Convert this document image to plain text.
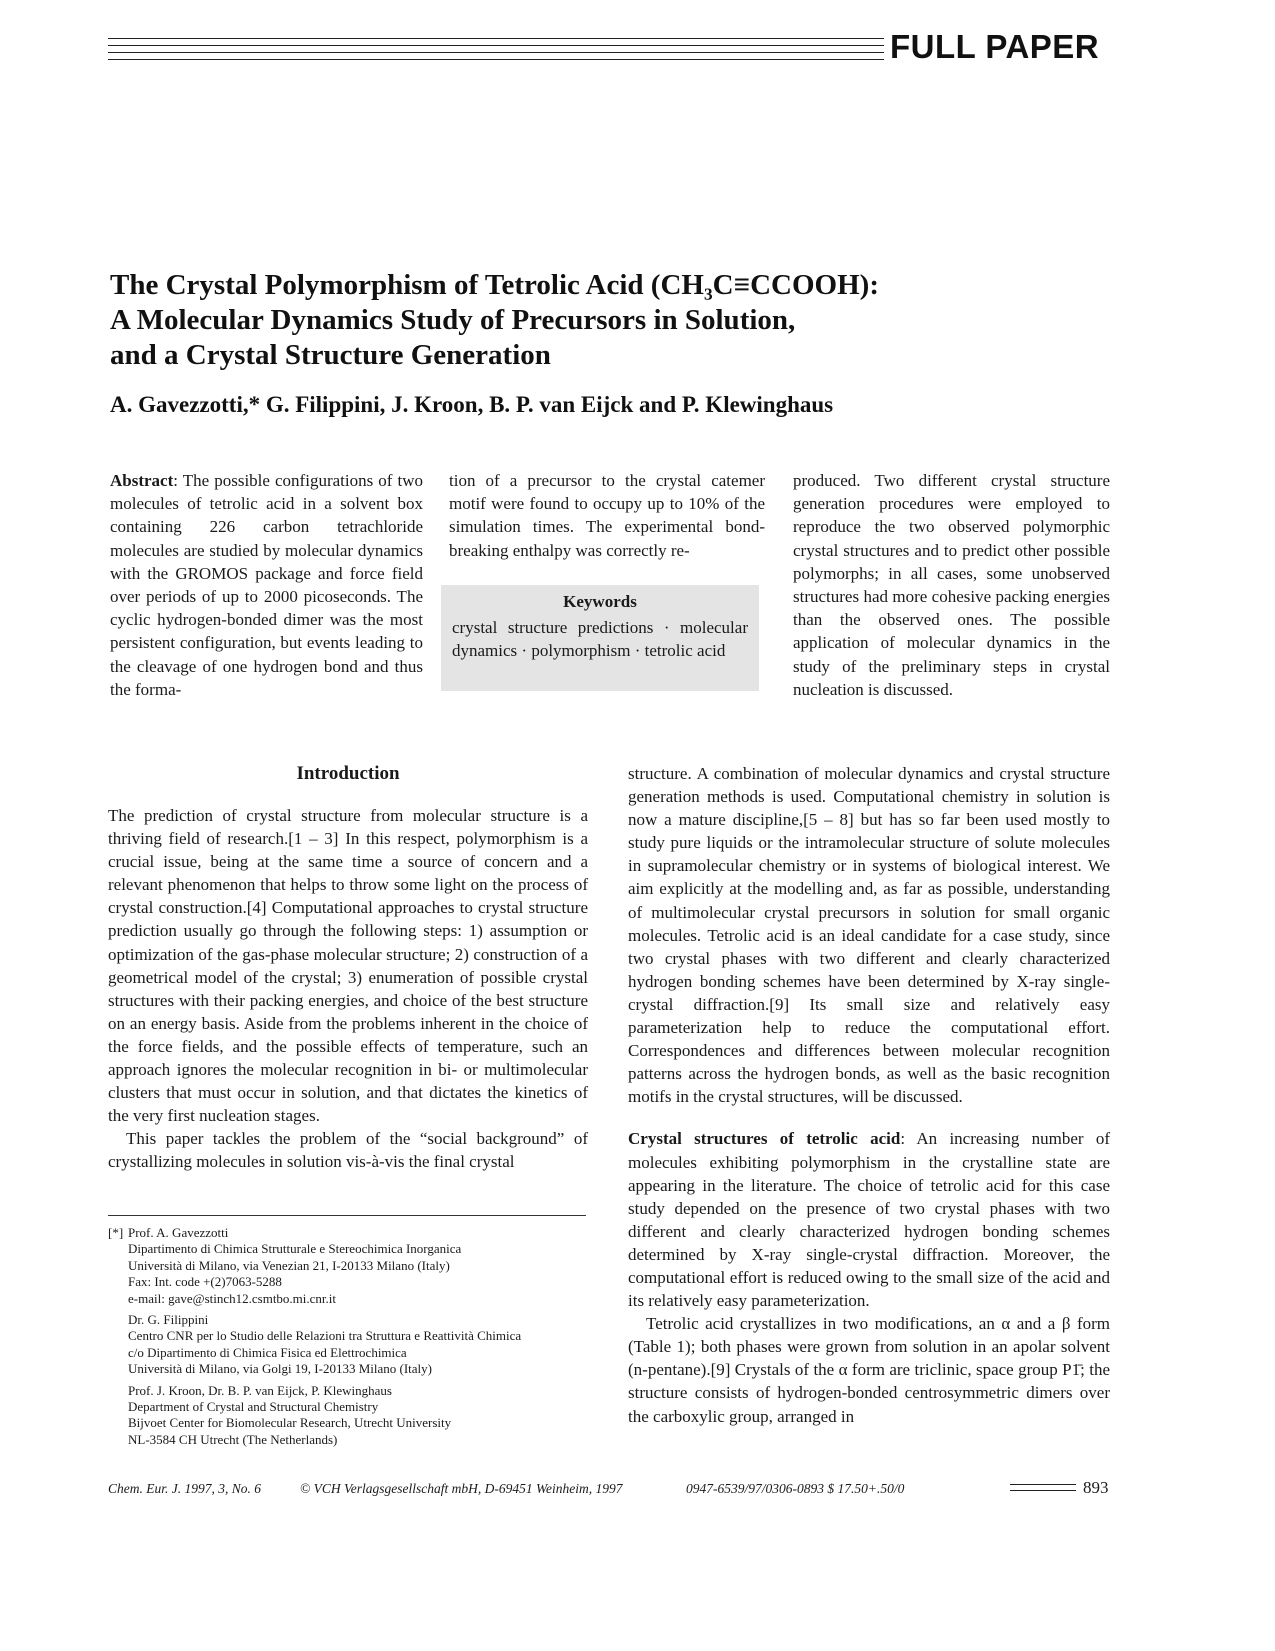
FULL PAPER
The Crystal Polymorphism of Tetrolic Acid (CH₃C≡CCOOH):
A Molecular Dynamics Study of Precursors in Solution,
and a Crystal Structure Generation
A. Gavezzotti,* G. Filippini, J. Kroon, B. P. van Eijck and P. Klewinghaus

Abstract: The possible configurations of two molecules of tetrolic acid in a solvent box containing 226 carbon tetrachloride molecules are studied by molecular dynamics with the GROMOS package and force field over periods of up to 2000 picoseconds. The cyclic hydrogen-bonded dimer was the most persistent configuration, but events leading to the cleavage of one hydrogen bond and thus the forma-

tion of a precursor to the crystal catemer motif were found to occupy up to 10% of the simulation times. The experimental bond-breaking enthalpy was correctly re-

produced. Two different crystal structure generation procedures were employed to reproduce the two observed polymorphic crystal structures and to predict other possible polymorphs; in all cases, some unobserved structures had more cohesive packing energies than the observed ones. The possible application of molecular dynamics in the study of the preliminary steps in crystal nucleation is discussed.

Keywords
crystal structure predictions · molecular dynamics · polymorphism · tetrolic acid

Introduction

The prediction of crystal structure from molecular structure is a thriving field of research.[1 – 3] In this respect, polymorphism is a crucial issue, being at the same time a source of concern and a relevant phenomenon that helps to throw some light on the process of crystal construction.[4] Computational approaches to crystal structure prediction usually go through the following steps: 1) assumption or optimization of the gas-phase molecular structure; 2) construction of a geometrical model of the crystal; 3) enumeration of possible crystal structures with their packing energies, and choice of the best structure on an energy basis. Aside from the problems inherent in the choice of the force fields, and the possible effects of temperature, such an approach ignores the molecular recognition in bi- or multimolecular clusters that must occur in solution, and that dictates the kinetics of the very first nucleation stages.

This paper tackles the problem of the “social background” of crystallizing molecules in solution vis-à-vis the final crystal

structure. A combination of molecular dynamics and crystal structure generation methods is used. Computational chemistry in solution is now a mature discipline,[5 – 8] but has so far been used mostly to study pure liquids or the intramolecular structure of solute molecules in supramolecular chemistry or in systems of biological interest. We aim explicitly at the modelling and, as far as possible, understanding of multimolecular crystal precursors in solution for small organic molecules. Tetrolic acid is an ideal candidate for a case study, since two crystal phases with two different and clearly characterized hydrogen bonding schemes have been determined by X-ray single-crystal diffraction.[9] Its small size and relatively easy parameterization help to reduce the computational effort. Correspondences and differences between molecular recognition patterns across the hydrogen bonds, as well as the basic recognition motifs in the crystal structures, will be discussed.

Crystal structures of tetrolic acid: An increasing number of molecules exhibiting polymorphism in the crystalline state are appearing in the literature. The choice of tetrolic acid for this case study depended on the presence of two crystal phases with two different and clearly characterized hydrogen bonding schemes determined by X-ray single-crystal diffraction. Moreover, the computational effort is reduced owing to the small size of the acid and its relatively easy parameterization.

Tetrolic acid crystallizes in two modifications, an α and a β form (Table 1); both phases were grown from solution in an apolar solvent (n-pentane).[9] Crystals of the α form are triclinic, space group P1̄; the structure consists of hydrogen-bonded centrosymmetric dimers over the carboxylic group, arranged in

[*] Prof. A. Gavezzotti
Dipartimento di Chimica Strutturale e Stereochimica Inorganica
Università di Milano, via Venezian 21, I-20133 Milano (Italy)
Fax: Int. code +(2)7063-5288
e-mail: gave@stinch12.csmtbo.mi.cnr.it
Dr. G. Filippini
Centro CNR per lo Studio delle Relazioni tra Struttura e Reattività Chimica
c/o Dipartimento di Chimica Fisica ed Elettrochimica
Università di Milano, via Golgi 19, I-20133 Milano (Italy)
Prof. J. Kroon, Dr. B. P. van Eijck, P. Klewinghaus
Department of Crystal and Structural Chemistry
Bijvoet Center for Biomolecular Research, Utrecht University
NL-3584 CH Utrecht (The Netherlands)
Chem. Eur. J. 1997, 3, No. 6	© VCH Verlagsgesellschaft mbH, D-69451 Weinheim, 1997	0947-6539/97/0306-0893 $ 17.50+.50/0	893
